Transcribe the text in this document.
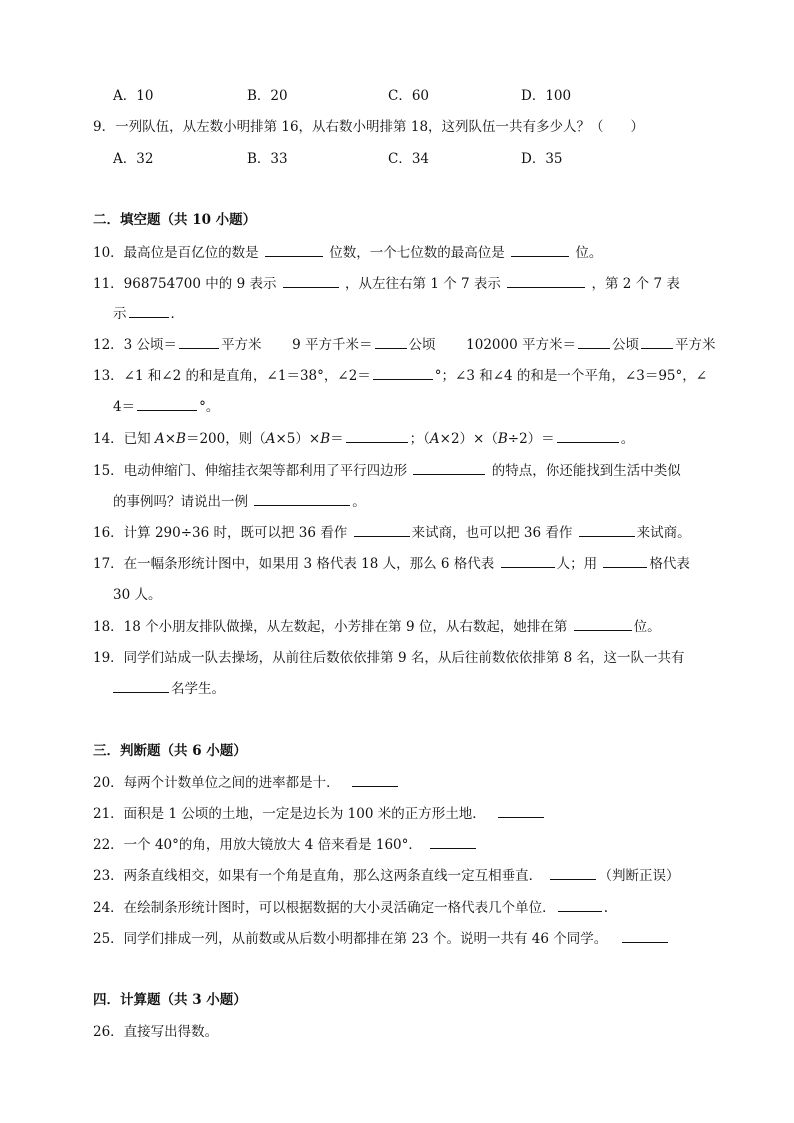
A．10	B．20	C．60	D．100
9．一列队伍，从左数小明排第 16，从右数小明排第 18，这列队伍一共有多少人？（　　）
A．32	B．33	C．34	D．35
二．填空题（共 10 小题）
10．最高位是百亿位的数是	位数，一个七位数的最高位是	位。
11．968754700 中的 9 表示	，从左往右第 1 个 7 表示	，第 2 个 7 表
示	．
12．3 公顷＝	平方米 9 平方千米＝	公顷 102000 平方米＝	公顷	平方米
13．∠1 和∠2 的和是直角，∠1＝38°，∠2＝	°；∠3 和∠4 的和是一个平角，∠3＝95°，∠
4＝	°。
14．已知 A×B＝200，则（A×5）×B＝	；（A×2）×（B÷2）＝	。
15．电动伸缩门、伸缩挂衣架等都利用了平行四边形	的特点，你还能找到生活中类似
的事例吗？请说出一例	。
16．计算 290÷36 时，既可以把 36 看作	来试商，也可以把 36 看作	来试商。
17．在一幅条形统计图中，如果用 3 格代表 18 人，那么 6 格代表	人；用	格代表
30 人。
18．18 个小朋友排队做操，从左数起，小芳排在第 9 位，从右数起，她排在第	位。
19．同学们站成一队去操场，从前往后数依依排第 9 名，从后往前数依依排第 8 名，这一队一共有
名学生。
三．判断题（共 6 小题）
20．每两个计数单位之间的进率都是十．
21．面积是 1 公顷的土地，一定是边长为 100 米的正方形土地．
22．一个 40°的角，用放大镜放大 4 倍来看是 160°．
23．两条直线相交，如果有一个角是直角，那么这两条直线一定互相垂直．	（判断正误）
24．在绘制条形统计图时，可以根据数据的大小灵活确定一格代表几个单位．	.
25．同学们排成一列，从前数或从后数小明都排在第 23 个。说明一共有 46 个同学。
四．计算题（共 3 小题）
26．直接写出得数。
